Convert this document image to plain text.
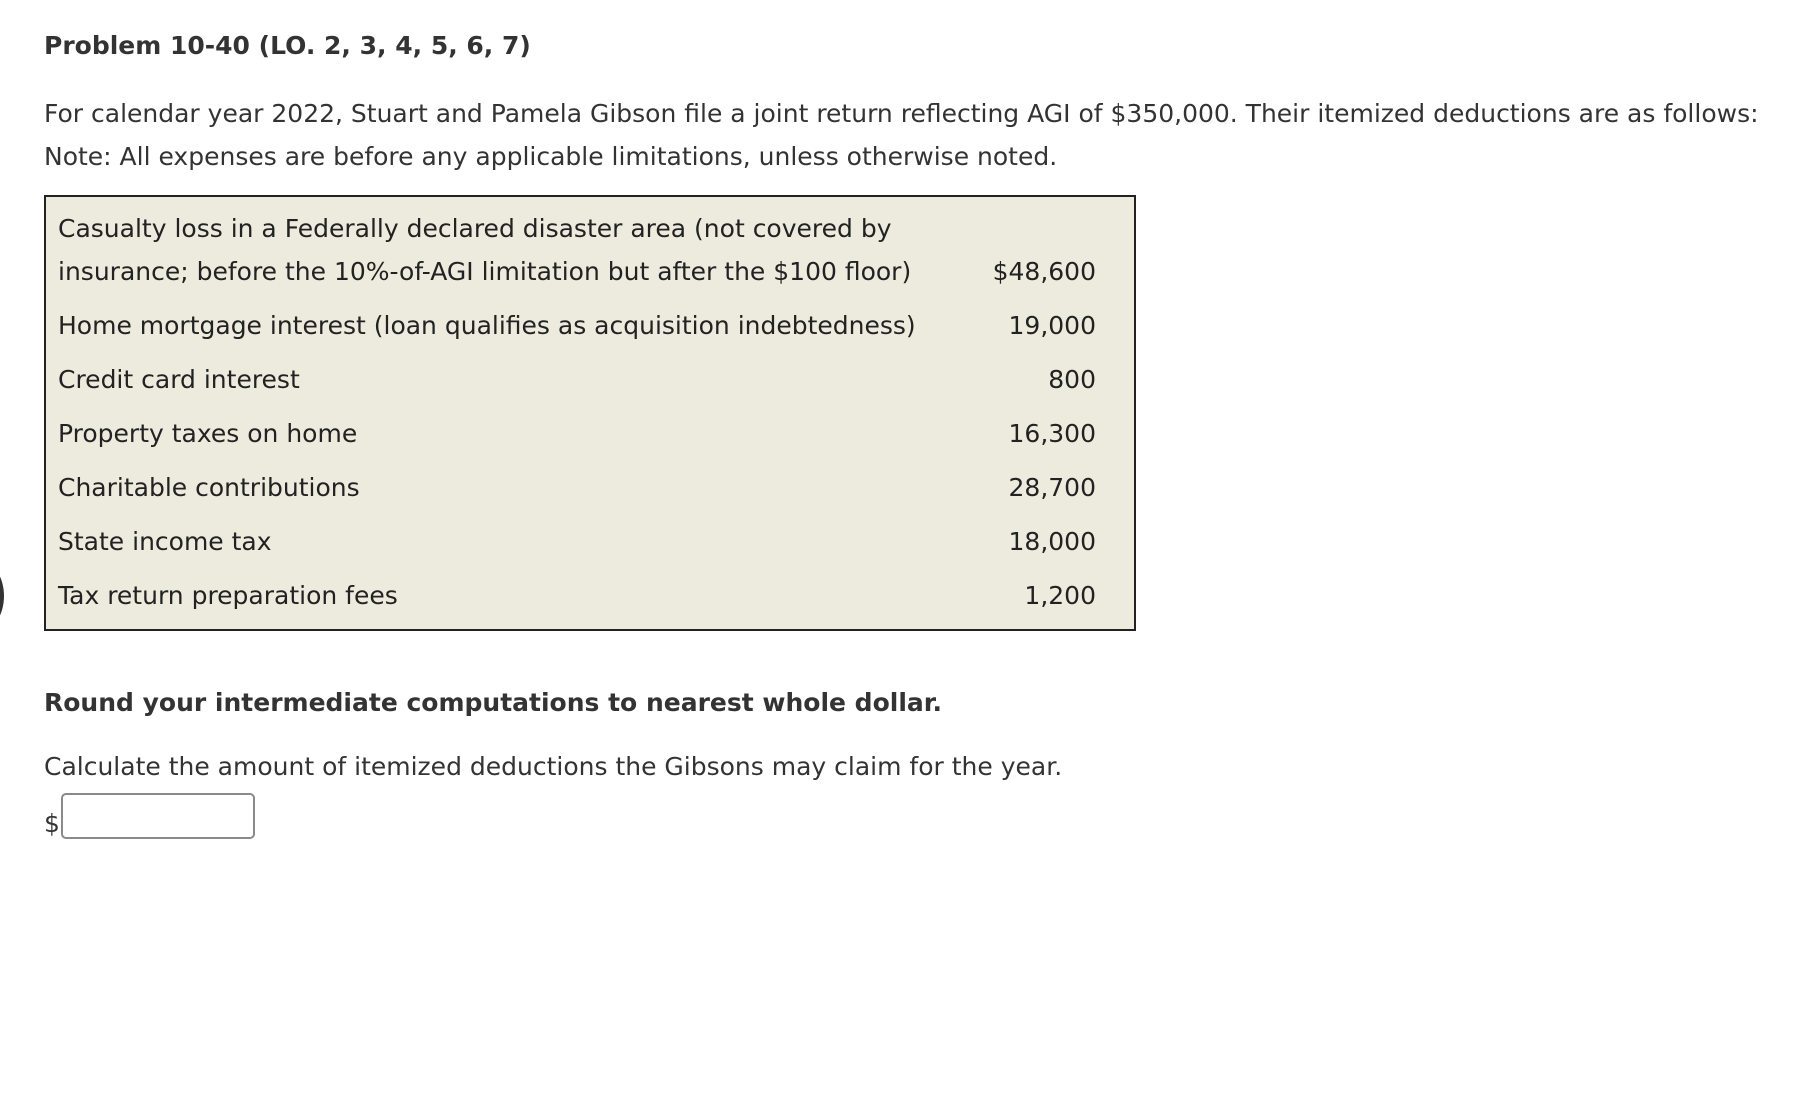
Problem 10-40 (LO. 2, 3, 4, 5, 6, 7)

For calendar year 2022, Stuart and Pamela Gibson file a joint return reflecting AGI of $350,000. Their itemized deductions are as follows:

Note: All expenses are before any applicable limitations, unless otherwise noted.

Casualty loss in a Federally declared disaster area (not covered by
insurance; before the 10%-of-AGI limitation but after the $100 floor)	$48,600
Home mortgage interest (loan qualifies as acquisition indebtedness)	19,000
Credit card interest	800
Property taxes on home	16,300
Charitable contributions	28,700
State income tax	18,000
Tax return preparation fees	1,200
Round your intermediate computations to nearest whole dollar.
Calculate the amount of itemized deductions the Gibsons may claim for the year.
$
